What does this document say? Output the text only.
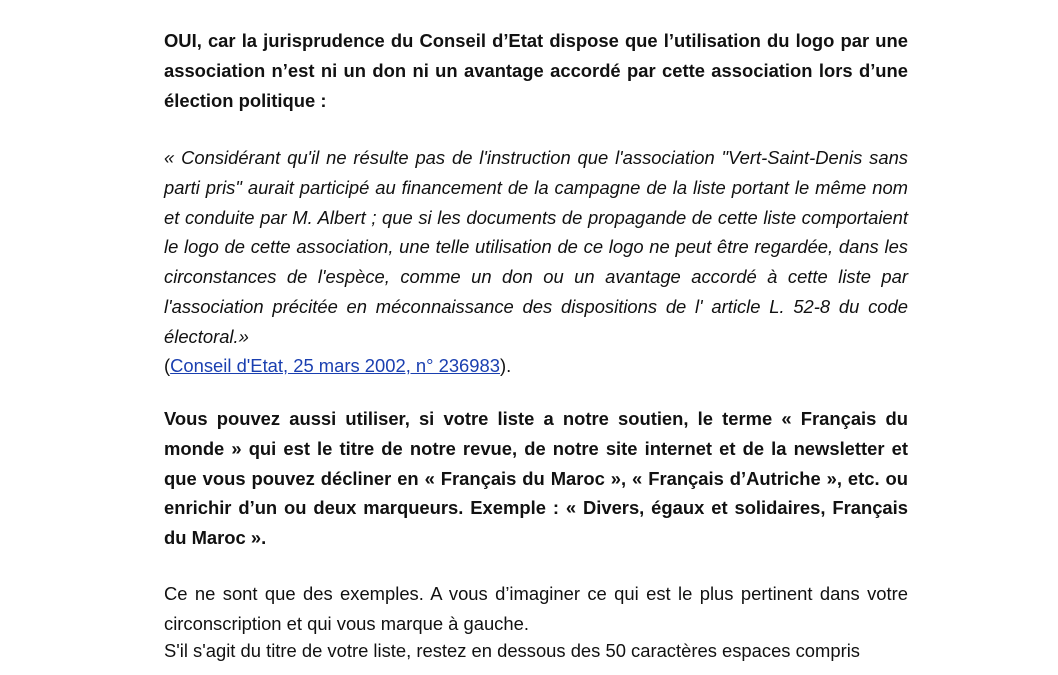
OUI, car la jurisprudence du Conseil d’Etat dispose que l’utilisation du logo par une association n’est ni un don ni un avantage accordé par cette association lors d’une élection politique :

« Considérant qu'il ne résulte pas de l'instruction que l'association "Vert-Saint-Denis sans parti pris" aurait participé au financement de la campagne de la liste portant le même nom et conduite par M. Albert ; que si les documents de propagande de cette liste comportaient le logo de cette association, une telle utilisation de ce logo ne peut être regardée, dans les circonstances de l'espèce, comme un don ou un avantage accordé à cette liste par l'association précitée en méconnaissance des dispositions de l' article L. 52-8 du code électoral.»

(Conseil d'Etat, 25 mars 2002, n° 236983).

Vous pouvez aussi utiliser, si votre liste a notre soutien, le terme « Français du monde » qui est le titre de notre revue, de notre site internet et de la newsletter et que vous pouvez décliner en « Français du Maroc », « Français d’Autriche », etc. ou enrichir d’un ou deux marqueurs. Exemple : « Divers, égaux et solidaires, Français du Maroc ».

Ce ne sont que des exemples. A vous d’imaginer ce qui est le plus pertinent dans votre circonscription et qui vous marque à gauche.

S'il s'agit du titre de votre liste, restez en dessous des 50 caractères espaces compris
